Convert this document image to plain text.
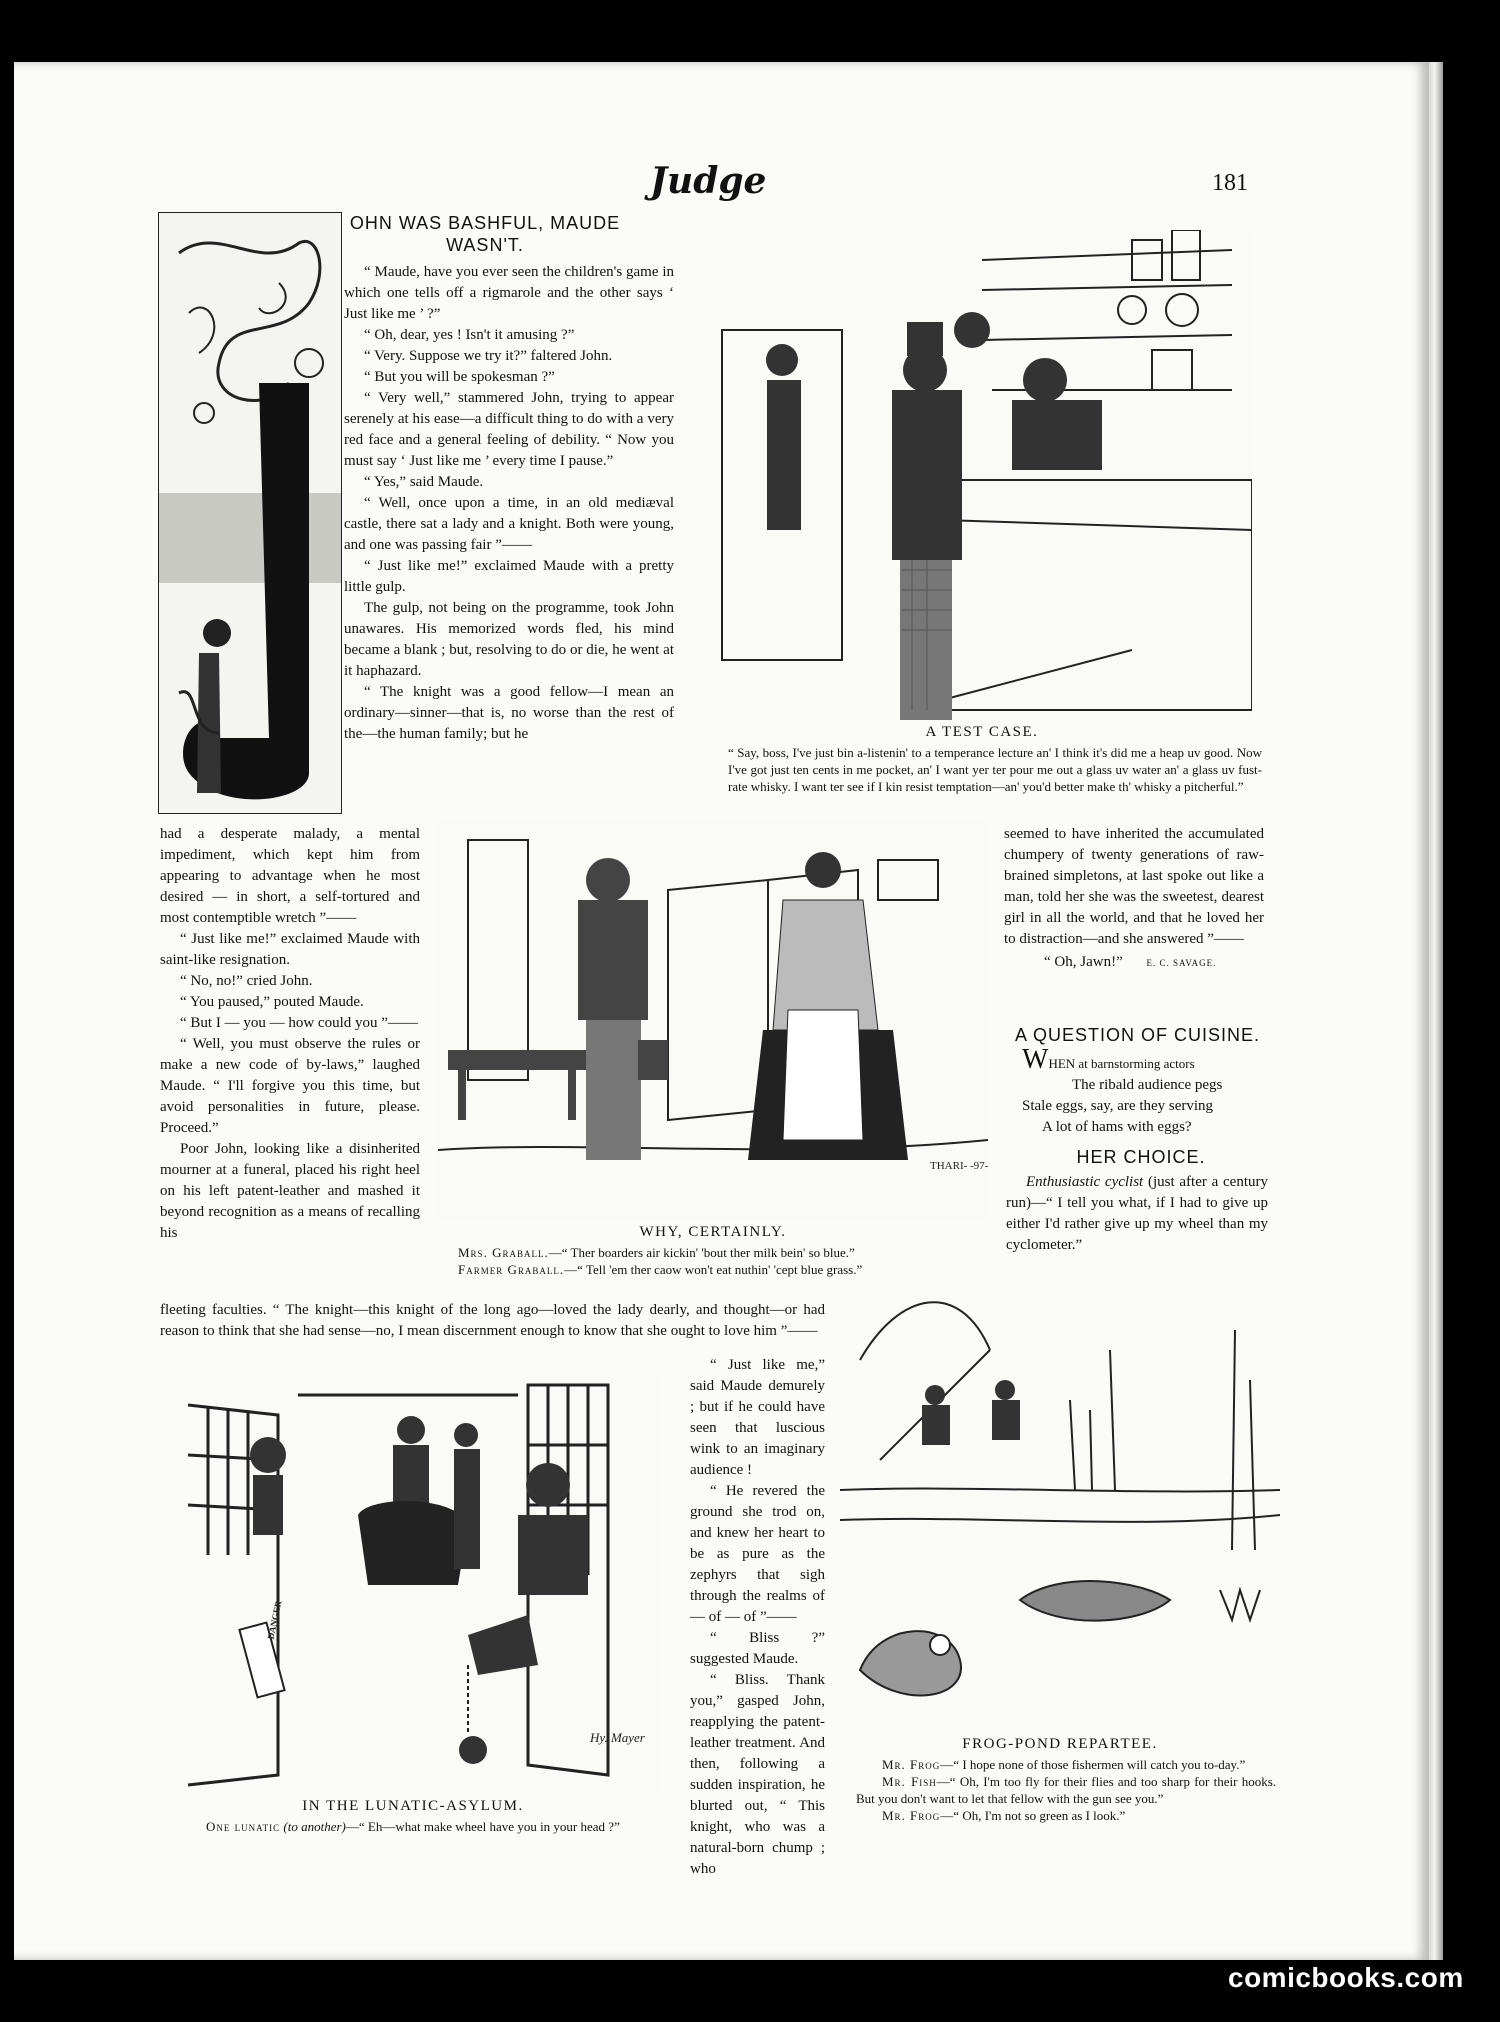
Judge	181
OHN WAS BASHFUL, MAUDE
WASN'T.

“ Maude, have you ever seen the children's game in which one tells off a rigmarole and the other says ‘ Just like me ’ ?”

“ Oh, dear, yes ! Isn't it amusing ?”

“ Very. Suppose we try it?” faltered John.

“ But you will be spokesman ?”

“ Very well,” stammered John, trying to appear serenely at his ease—a difficult thing to do with a very red face and a general feeling of debility. “ Now you must say ‘ Just like me ’ every time I pause.”

“ Yes,” said Maude.

“ Well, once upon a time, in an old mediæval castle, there sat a lady and a knight. Both were young, and one was passing fair ”——

“ Just like me!” exclaimed Maude with a pretty little gulp.

The gulp, not being on the programme, took John unawares. His memorized words fled, his mind became a blank ; but, resolving to do or die, he went at it haphazard.

“ The knight was a good fellow—I mean an ordinary—sinner—that is, no worse than the rest of the—the human family; but he	A TEST CASE.
“ Say, boss, I've just bin a-listenin' to a temperance lecture an' I think it's did me a heap uv good. Now I've got just ten cents in me pocket, an' I want yer ter pour me out a glass uv water an' a glass uv fust-rate whisky. I want ter see if I kin resist temptation—an' you'd better make th' whisky a pitcherful.”

had a desperate malady, a mental impediment, which kept him from appearing to advantage when he most desired — in short, a self-tortured and most contemptible wretch ”——

“ Just like me!” exclaimed Maude with saint-like resignation.

“ No, no!” cried John.

“ You paused,” pouted Maude.

“ But I — you — how could you ”——

“ Well, you must observe the rules or make a new code of by-laws,” laughed Maude. “ I'll forgive you this time, but avoid personalities in future, please. Proceed.”

Poor John, looking like a disinherited mourner at a funeral, placed his right heel on his left patent-leather and mashed it beyond recognition as a means of recalling his

THARI- -97-
WHY, CERTAINLY.
Mrs. Graball.—“ Ther boarders air kickin' 'bout ther milk bein' so blue.”
Farmer Graball.—“ Tell 'em ther caow won't eat nuthin' 'cept blue grass.”

seemed to have inherited the accumulated chumpery of twenty generations of raw-brained simpletons, at last spoke out like a man, told her she was the sweetest, dearest girl in all the world, and that he loved her to distraction—and she answered ”——

“ Oh, Jawn!”	E. C. SAVAGE.
A QUESTION OF CUISINE.
WHEN at barnstorming actors
The ribald audience pegs
Stale eggs, say, are they serving
A lot of hams with eggs?
HER CHOICE.

Enthusiastic cyclist (just after a century run)—“ I tell you what, if I had to give up either I'd rather give up my wheel than my cyclometer.”

fleeting faculties. “ The knight—this knight of the long ago—loved the lady dearly, and thought—or had reason to think that she had sense—no, I mean discernment enough to know that she ought to love him ”——

DANGER
Hy. Mayer
IN THE LUNATIC-ASYLUM.
One lunatic (to another)—“ Eh—what make wheel have you in your head ?”

“ Just like me,” said Maude demurely ; but if he could have seen that luscious wink to an imaginary audience !

“ He revered the ground she trod on, and knew her heart to be as pure as the zephyrs that sigh through the realms of — of — of ”——

“ Bliss ?” suggested Maude.

“ Bliss. Thank you,” gasped John, reapplying the patent-leather treatment. And then, following a sudden inspiration, he blurted out, “ This knight, who was a natural-born chump ; who

FROG-POND REPARTEE.
Mr. Frog—“ I hope none of those fishermen will catch you to-day.”
Mr. Fish—“ Oh, I'm too fly for their flies and too sharp for their hooks. But you don't want to let that fellow with the gun see you.”
Mr. Frog—“ Oh, I'm not so green as I look.”
comicbooks.com
